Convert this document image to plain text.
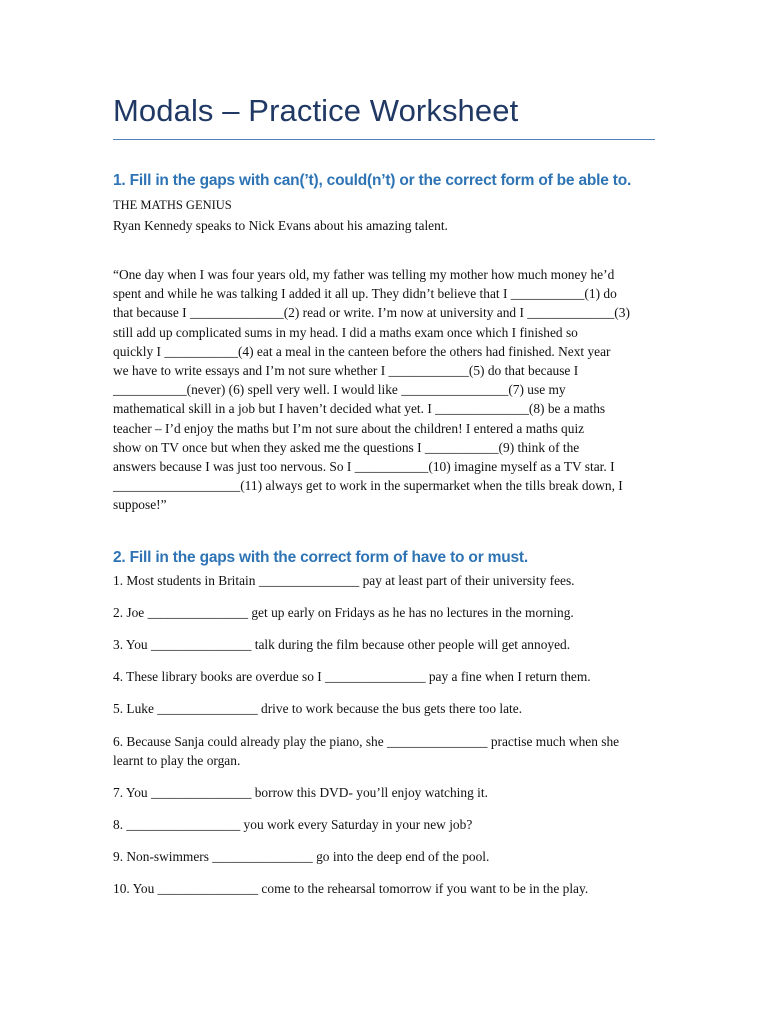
Modals – Practice Worksheet
1. Fill in the gaps with can(’t), could(n’t) or the correct form of be able to.
THE MATHS GENIUS
Ryan Kennedy speaks to Nick Evans about his amazing talent.
“One day when I was four years old, my father was telling my mother how much money he’d
spent and while he was talking I added it all up. They didn’t believe that I ___________(1) do
that because I ______________(2) read or write. I’m now at university and I _____________(3)
still add up complicated sums in my head. I did a maths exam once which I finished so
quickly I ___________(4) eat a meal in the canteen before the others had finished. Next year
we have to write essays and I’m not sure whether I ____________(5) do that because I
___________(never) (6) spell very well. I would like ________________(7) use my
mathematical skill in a job but I haven’t decided what yet. I ______________(8) be a maths
teacher – I’d enjoy the maths but I’m not sure about the children! I entered a maths quiz
show on TV once but when they asked me the questions I ___________(9) think of the
answers because I was just too nervous. So I ___________(10) imagine myself as a TV star. I
___________________(11) always get to work in the supermarket when the tills break down, I
suppose!”
2. Fill in the gaps with the correct form of have to or must.
1. Most students in Britain _______________ pay at least part of their university fees.
2. Joe _______________ get up early on Fridays as he has no lectures in the morning.
3. You _______________ talk during the film because other people will get annoyed.
4. These library books are overdue so I _______________ pay a fine when I return them.
5. Luke _______________ drive to work because the bus gets there too late.
6. Because Sanja could already play the piano, she _______________ practise much when she
learnt to play the organ.
7. You _______________ borrow this DVD- you’ll enjoy watching it.
8. _________________ you work every Saturday in your new job?
9. Non-swimmers _______________ go into the deep end of the pool.
10. You _______________ come to the rehearsal tomorrow if you want to be in the play.
